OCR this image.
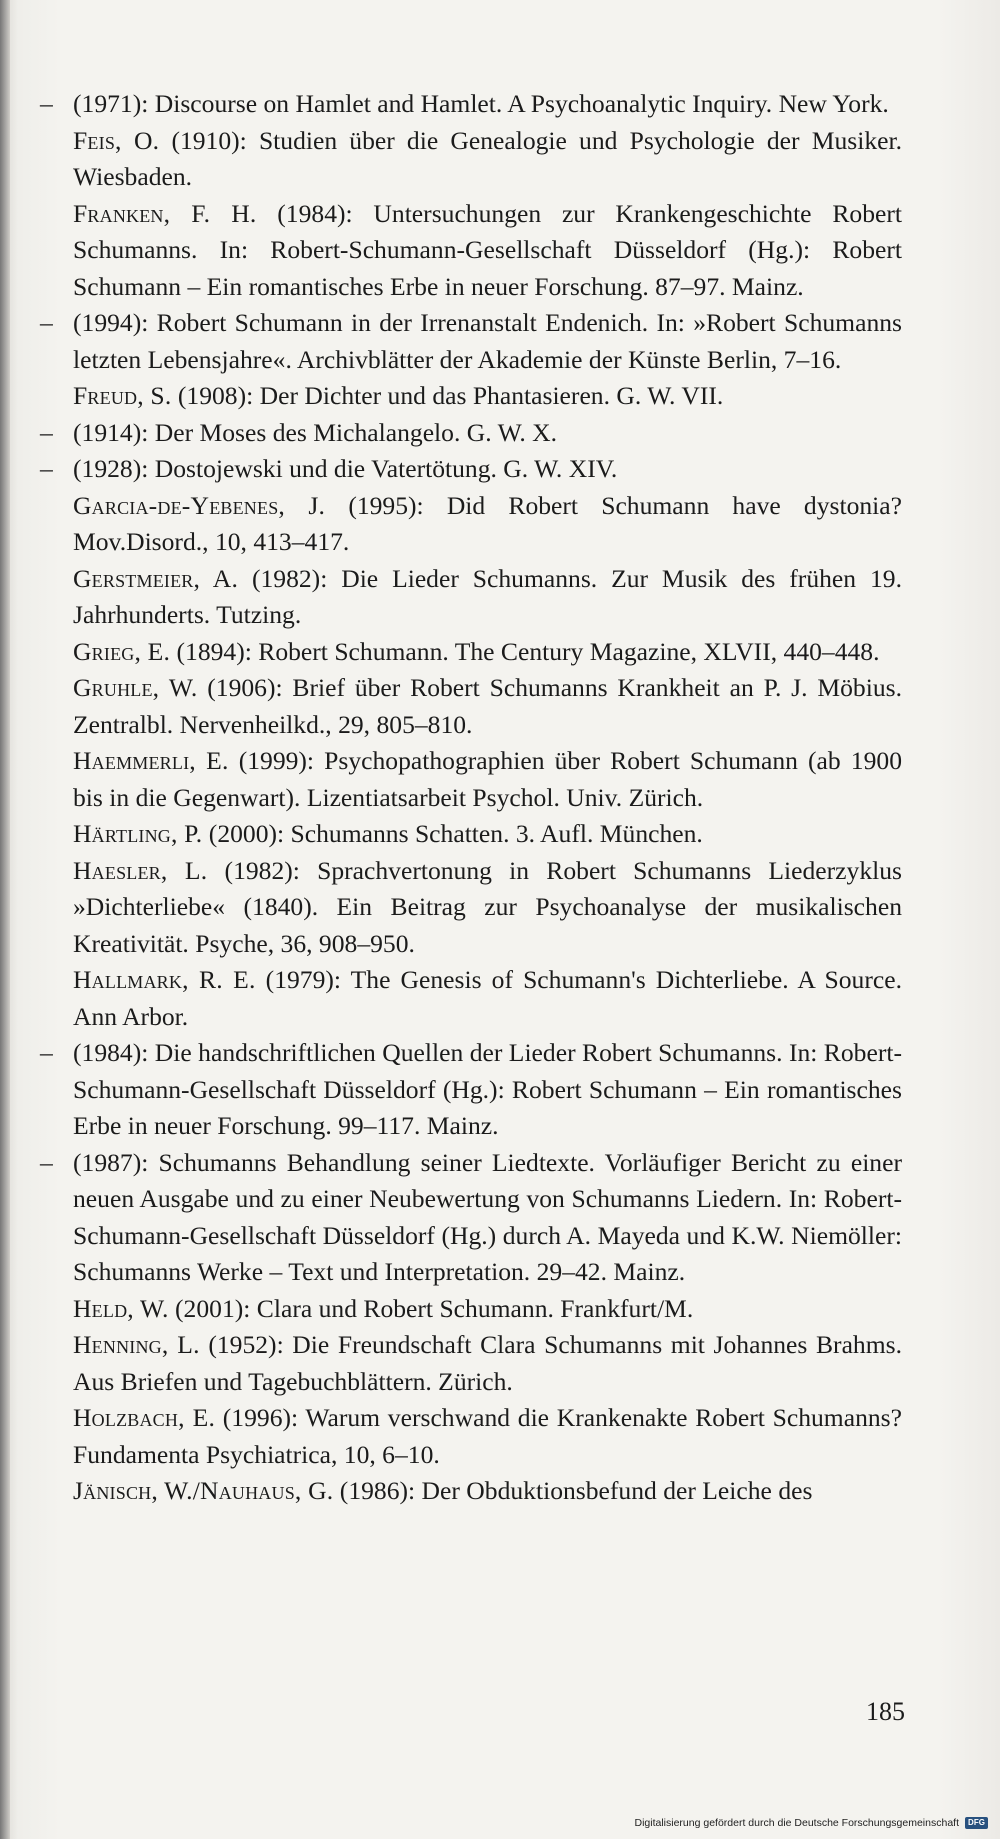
– (1971): Discourse on Hamlet and Hamlet. A Psychoanalytic Inquiry. New York.
Feis, O. (1910): Studien über die Genealogie und Psychologie der Musiker. Wiesbaden.
Franken, F. H. (1984): Untersuchungen zur Krankengeschichte Robert Schumanns. In: Robert-Schumann-Gesellschaft Düsseldorf (Hg.): Robert Schumann – Ein romantisches Erbe in neuer Forschung. 87–97. Mainz.
– (1994): Robert Schumann in der Irrenanstalt Endenich. In: »Robert Schumanns letzten Lebensjahre«. Archivblätter der Akademie der Künste Berlin, 7–16.
Freud, S. (1908): Der Dichter und das Phantasieren. G. W. VII.
– (1914): Der Moses des Michalangelo. G. W. X.
– (1928): Dostojewski und die Vatertötung. G. W. XIV.
Garcia-de-Yebenes, J. (1995): Did Robert Schumann have dystonia? Mov.Disord., 10, 413–417.
Gerstmeier, A. (1982): Die Lieder Schumanns. Zur Musik des frühen 19. Jahrhunderts. Tutzing.
Grieg, E. (1894): Robert Schumann. The Century Magazine, XLVII, 440–448.
Gruhle, W. (1906): Brief über Robert Schumanns Krankheit an P. J. Möbius. Zentralbl. Nervenheilkd., 29, 805–810.
Haemmerli, E. (1999): Psychopathographien über Robert Schumann (ab 1900 bis in die Gegenwart). Lizentiatsarbeit Psychol. Univ. Zürich.
Härtling, P. (2000): Schumanns Schatten. 3. Aufl. München.
Haesler, L. (1982): Sprachvertonung in Robert Schumanns Liederzyklus »Dichterliebe« (1840). Ein Beitrag zur Psychoanalyse der musikalischen Kreativität. Psyche, 36, 908–950.
Hallmark, R. E. (1979): The Genesis of Schumann's Dichterliebe. A Source. Ann Arbor.
– (1984): Die handschriftlichen Quellen der Lieder Robert Schumanns. In: Robert-Schumann-Gesellschaft Düsseldorf (Hg.): Robert Schumann – Ein romantisches Erbe in neuer Forschung. 99–117. Mainz.
– (1987): Schumanns Behandlung seiner Liedtexte. Vorläufiger Bericht zu einer neuen Ausgabe und zu einer Neubewertung von Schumanns Liedern. In: Robert-Schumann-Gesellschaft Düsseldorf (Hg.) durch A. Mayeda und K.W. Niemöller: Schumanns Werke – Text und Interpretation. 29–42. Mainz.
Held, W. (2001): Clara und Robert Schumann. Frankfurt/M.
Henning, L. (1952): Die Freundschaft Clara Schumanns mit Johannes Brahms. Aus Briefen und Tagebuchblättern. Zürich.
Holzbach, E. (1996): Warum verschwand die Krankenakte Robert Schumanns? Fundamenta Psychiatrica, 10, 6–10.
Jänisch, W./Nauhaus, G. (1986): Der Obduktionsbefund der Leiche des
185
Digitalisierung gefördert durch die Deutsche Forschungsgemeinschaft	DFG
